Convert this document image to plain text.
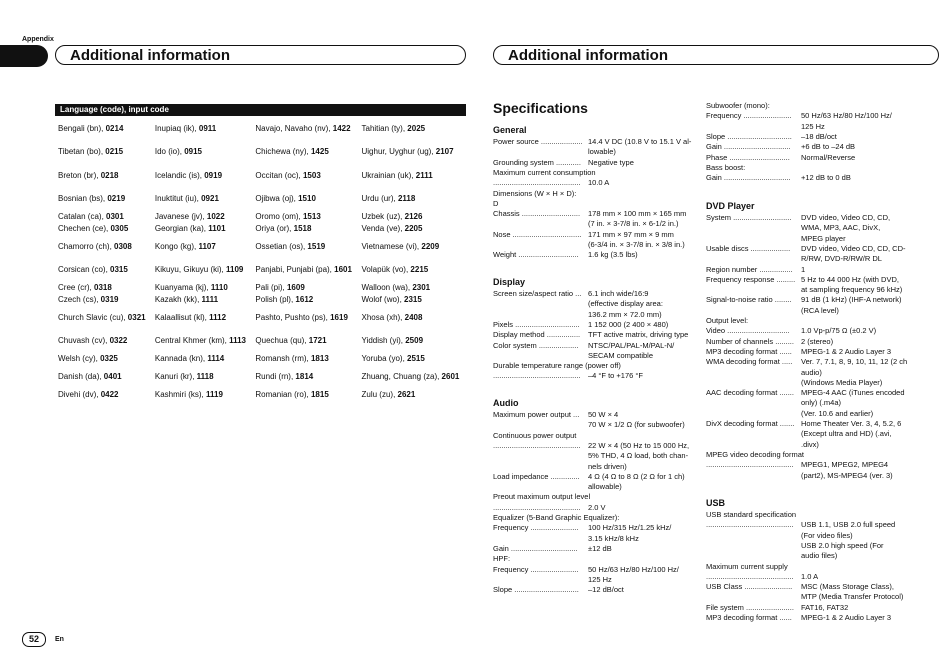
Appendix
Additional information	Additional information
Language (code), input code
Bengali (bn), 0214	Inupiaq (ik), 0911	Navajo, Navaho (nv), 1422	Tahitian (ty), 2025
Tibetan (bo), 0215	Ido (io), 0915	Chichewa (ny), 1425	Uighur, Uyghur (ug), 2107
Breton (br), 0218	Icelandic (is), 0919	Occitan (oc), 1503	Ukrainian (uk), 2111
Bosnian (bs), 0219	Inuktitut (iu), 0921	Ojibwa (oj), 1510	Urdu (ur), 2118
Catalan (ca), 0301	Javanese (jv), 1022	Oromo (om), 1513	Uzbek (uz), 2126
Chechen (ce), 0305	Georgian (ka), 1101	Oriya (or), 1518	Venda (ve), 2205
Chamorro (ch), 0308	Kongo (kg), 1107	Ossetian (os), 1519	Vietnamese (vi), 2209
Corsican (co), 0315	Kikuyu, Gikuyu (ki), 1109	Panjabi, Punjabi (pa), 1601	Volapük (vo), 2215
Cree (cr), 0318	Kuanyama (kj), 1110	Pali (pi), 1609	Walloon (wa), 2301
Czech (cs), 0319	Kazakh (kk), 1111	Polish (pl), 1612	Wolof (wo), 2315
Church Slavic (cu), 0321	Kalaallisut (kl), 1112	Pashto, Pushto (ps), 1619	Xhosa (xh), 2408
Chuvash (cv), 0322	Central Khmer (km), 1113	Quechua (qu), 1721	Yiddish (yi), 2509
Welsh (cy), 0325	Kannada (kn), 1114	Romansh (rm), 1813	Yoruba (yo), 2515
Danish (da), 0401	Kanuri (kr), 1118	Rundi (rn), 1814	Zhuang, Chuang (za), 2601
Divehi (dv), 0422	Kashmiri (ks), 1119	Romanian (ro), 1815	Zulu (zu), 2621
Specifications
General
Power source .................... 14.4 V DC (10.8 V to 15.1 V al-
lowable)
Grounding system ............ Negative type
Maximum current consumption
.......................................... 10.0 A
Dimensions (W × H × D):
D
Chassis ............................ 178 mm × 100 mm × 165 mm
(7 in. × 3-7/8 in. × 6-1/2 in.)
Nose ................................. 171 mm × 97 mm × 9 mm
(6-3/4 in. × 3-7/8 in. × 3/8 in.)
Weight ............................. 1.6 kg (3.5 lbs)
Display
Screen size/aspect ratio ... 6.1 inch wide/16:9
(effective display area:
136.2 mm × 72.0 mm)
Pixels ............................... 1 152 000 (2 400 × 480)
Display method ................ TFT active matrix, driving type
Color system ................... NTSC/PAL/PAL-M/PAL-N/
SECAM compatible
Durable temperature range (power off)
.......................................... –4 °F to +176 °F
Audio
Maximum power output ... 50 W × 4
70 W × 1/2 Ω (for subwoofer)
Continuous power output
.......................................... 22 W × 4 (50 Hz to 15 000 Hz,
5% THD, 4 Ω load, both chan-
nels driven)
Load impedance .............. 4 Ω (4 Ω to 8 Ω (2 Ω for 1 ch)
allowable)
Preout maximum output level
.......................................... 2.0 V
Equalizer (5-Band Graphic Equalizer):
Frequency ....................... 100 Hz/315 Hz/1.25 kHz/
3.15 kHz/8 kHz
Gain ................................ ±12 dB
HPF:
Frequency ....................... 50 Hz/63 Hz/80 Hz/100 Hz/
125 Hz
Slope ............................... –12 dB/oct
Subwoofer (mono):
Frequency ....................... 50 Hz/63 Hz/80 Hz/100 Hz/
125 Hz
Slope ............................... –18 dB/oct
Gain ................................ +6 dB to –24 dB
Phase ............................. Normal/Reverse
Bass boost:
Gain ................................ +12 dB to 0 dB
DVD Player
System ............................ DVD video, Video CD, CD,
WMA, MP3, AAC, DivX,
MPEG player
Usable discs ................... DVD video, Video CD, CD, CD-
R/RW, DVD-R/RW/R DL
Region number ................ 1
Frequency response ......... 5 Hz to 44 000 Hz (with DVD,
at sampling frequency 96 kHz)
Signal-to-noise ratio ........ 91 dB (1 kHz) (IHF-A network)
(RCA level)
Output level:
Video .............................. 1.0 Vp-p/75 Ω (±0.2 V)
Number of channels ......... 2 (stereo)
MP3 decoding format ...... MPEG-1 & 2 Audio Layer 3
WMA decoding format ..... Ver. 7, 7.1, 8, 9, 10, 11, 12 (2 ch
audio)
(Windows Media Player)
AAC decoding format ....... MPEG-4 AAC (iTunes encoded
only) (.m4a)
(Ver. 10.6 and earlier)
DivX decoding format ....... Home Theater Ver. 3, 4, 5.2, 6
(Except ultra and HD) (.avi,
.divx)
MPEG video decoding format
.......................................... MPEG1, MPEG2, MPEG4
(part2), MS-MPEG4 (ver. 3)
USB
USB standard specification
.......................................... USB 1.1, USB 2.0 full speed
(For video files)
USB 2.0 high speed (For
audio files)
Maximum current supply
.......................................... 1.0 A
USB Class ....................... MSC (Mass Storage Class),
MTP (Media Transfer Protocol)
File system ....................... FAT16, FAT32
MP3 decoding format ...... MPEG-1 & 2 Audio Layer 3
52	En
